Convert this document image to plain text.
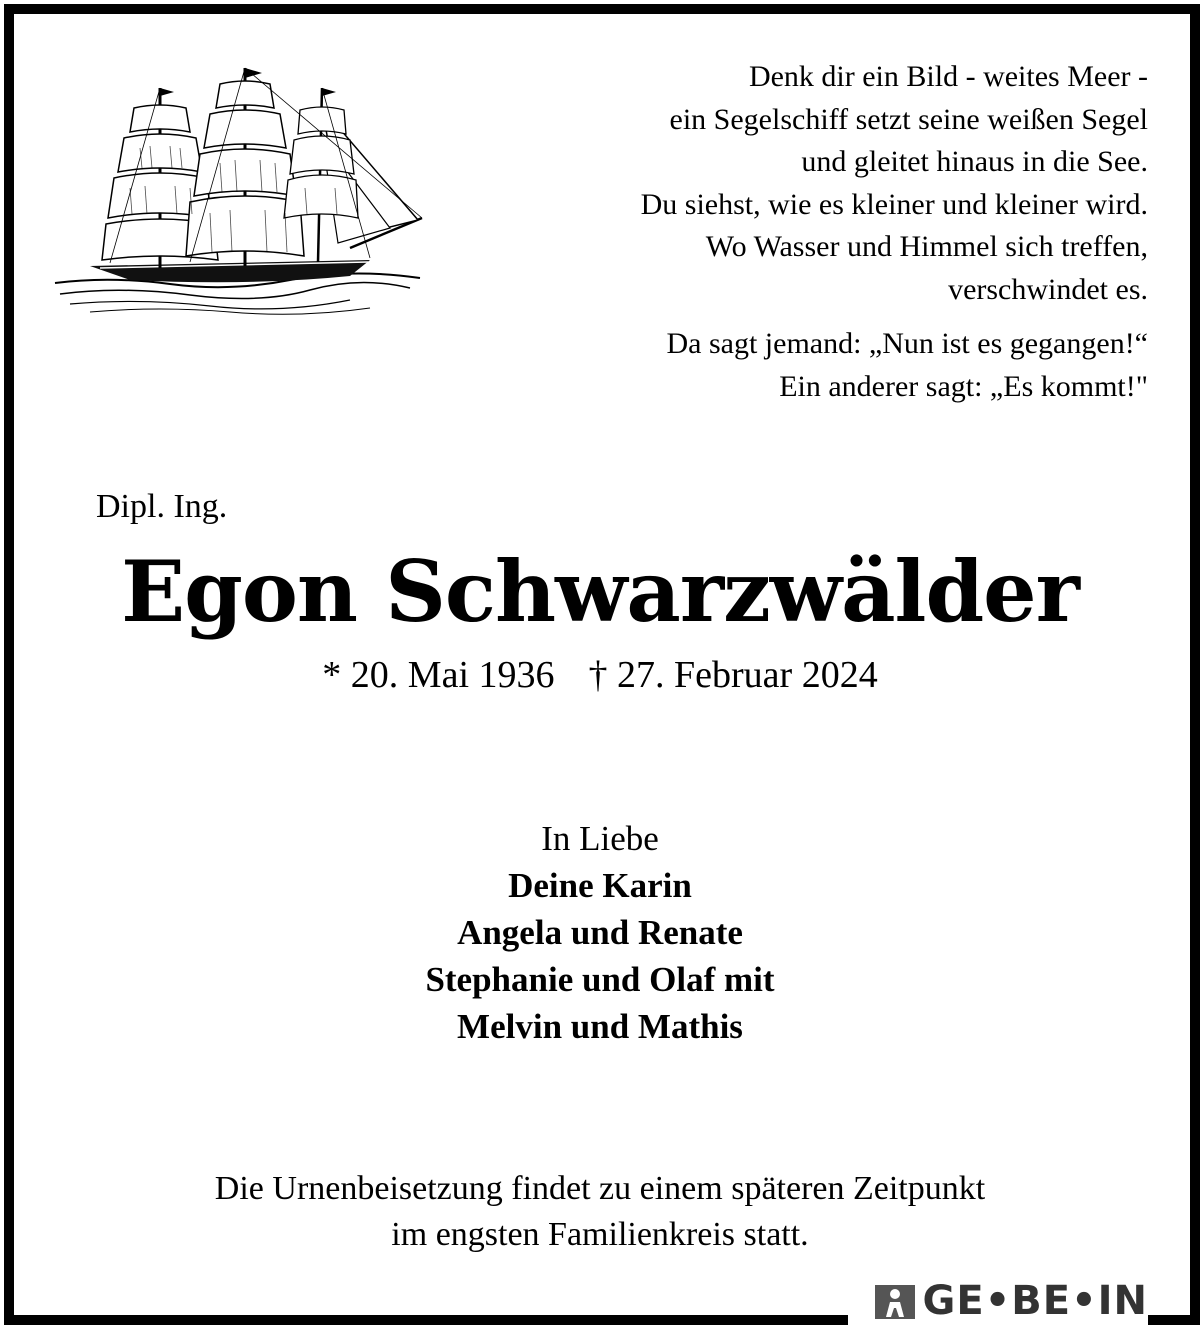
Denk dir ein Bild - weites Meer -
ein Segelschiff setzt seine weißen Segel
und gleitet hinaus in die See.
Du siehst, wie es kleiner und kleiner wird.
Wo Wasser und Himmel sich treffen,
verschwindet es.
Da sagt jemand: „Nun ist es gegangen!“
Ein anderer sagt: „Es kommt!"
Dipl. Ing.
Egon Schwarzwälder
* 20. Mai 1936 † 27. Februar 2024
In Liebe
Deine Karin
Angela und Renate
Stephanie und Olaf mit
Melvin und Mathis
Die Urnenbeisetzung findet zu einem späteren Zeitpunkt
im engsten Familienkreis statt.
GE•BE•IN
